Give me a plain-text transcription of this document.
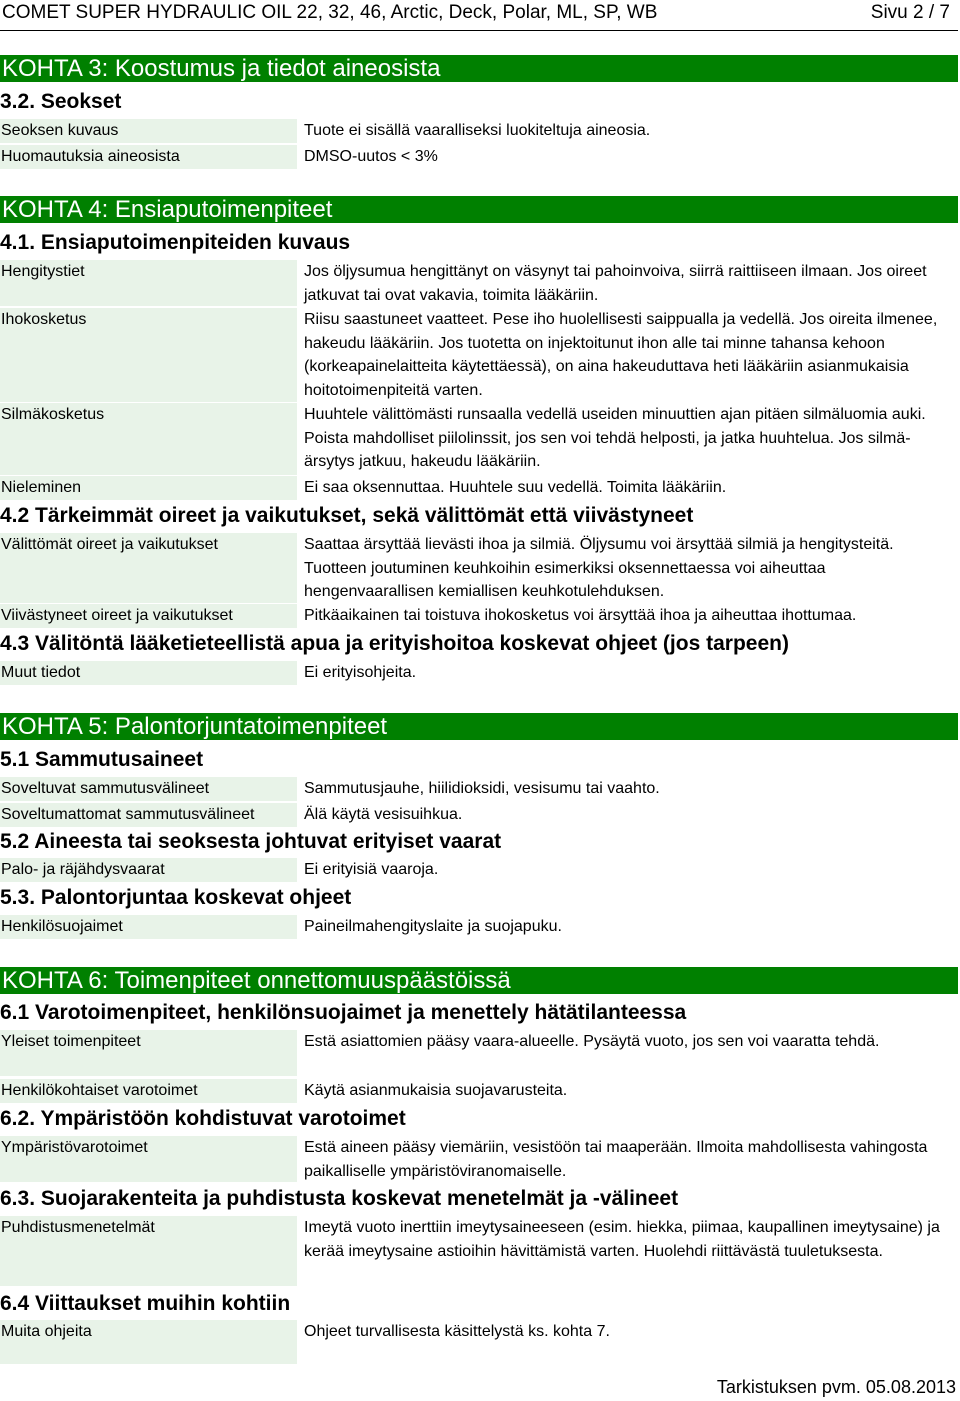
COMET SUPER HYDRAULIC OIL 22, 32, 46, Arctic, Deck, Polar, ML, SP, WB	Sivu 2 / 7
KOHTA 3: Koostumus ja tiedot aineosista
3.2. Seokset
Seoksen kuvaus	Tuote ei sisällä vaaralliseksi luokiteltuja aineosia.
Huomautuksia aineosista	DMSO-uutos < 3%
KOHTA 4: Ensiaputoimenpiteet
4.1. Ensiaputoimenpiteiden kuvaus
Hengitystiet	Jos öljysumua hengittänyt on väsynyt tai pahoinvoiva, siirrä raittiiseen ilmaan. Jos oireet jatkuvat tai ovat vakavia, toimita lääkäriin.
Ihokosketus	Riisu saastuneet vaatteet. Pese iho huolellisesti saippualla ja vedellä. Jos oireita ilmenee, hakeudu lääkäriin. Jos tuotetta on injektoitunut ihon alle tai minne tahansa kehoon (korkeapainelaitteita käytettäessä), on aina hakeuduttava heti lääkäriin asianmukaisia hoitotoimenpiteitä varten.
Silmäkosketus	Huuhtele välittömästi runsaalla vedellä useiden minuuttien ajan pitäen silmäluomia auki. Poista mahdolliset piilolinssit, jos sen voi tehdä helposti, ja jatka huuhtelua. Jos silmä-ärsytys jatkuu, hakeudu lääkäriin.
Nieleminen	Ei saa oksennuttaa. Huuhtele suu vedellä. Toimita lääkäriin.
4.2 Tärkeimmät oireet ja vaikutukset, sekä välittömät että viivästyneet
Välittömät oireet ja vaikutukset	Saattaa ärsyttää lievästi ihoa ja silmiä. Öljysumu voi ärsyttää silmiä ja hengitysteitä. Tuotteen joutuminen keuhkoihin esimerkiksi oksennettaessa voi aiheuttaa hengenvaarallisen kemiallisen keuhkotulehduksen.
Viivästyneet oireet ja vaikutukset	Pitkäaikainen tai toistuva ihokosketus voi ärsyttää ihoa ja aiheuttaa ihottumaa.
4.3 Välitöntä lääketieteellistä apua ja erityishoitoa koskevat ohjeet (jos tarpeen)
Muut tiedot	Ei erityisohjeita.
KOHTA 5: Palontorjuntatoimenpiteet
5.1 Sammutusaineet
Soveltuvat sammutusvälineet	Sammutusjauhe, hiilidioksidi, vesisumu tai vaahto.
Soveltumattomat sammutusvälineet	Älä käytä vesisuihkua.
5.2 Aineesta tai seoksesta johtuvat erityiset vaarat
Palo- ja räjähdysvaarat	Ei erityisiä vaaroja.
5.3. Palontorjuntaa koskevat ohjeet
Henkilösuojaimet	Paineilmahengityslaite ja suojapuku.
KOHTA 6: Toimenpiteet onnettomuuspäästöissä
6.1 Varotoimenpiteet, henkilönsuojaimet ja menettely hätätilanteessa
Yleiset toimenpiteet	Estä asiattomien pääsy vaara-alueelle. Pysäytä vuoto, jos sen voi vaaratta tehdä.
Henkilökohtaiset varotoimet	Käytä asianmukaisia suojavarusteita.
6.2. Ympäristöön kohdistuvat varotoimet
Ympäristövarotoimet	Estä aineen pääsy viemäriin, vesistöön tai maaperään. Ilmoita mahdollisesta vahingosta paikalliselle ympäristöviranomaiselle.
6.3. Suojarakenteita ja puhdistusta koskevat menetelmät ja -välineet
Puhdistusmenetelmät	Imeytä vuoto inerttiin imeytysaineeseen (esim. hiekka, piimaa, kaupallinen imeytysaine) ja kerää imeytysaine astioihin hävittämistä varten. Huolehdi riittävästä tuuletuksesta.
6.4 Viittaukset muihin kohtiin
Muita ohjeita	Ohjeet turvallisesta käsittelystä ks. kohta 7.
Tarkistuksen pvm. 05.08.2013
